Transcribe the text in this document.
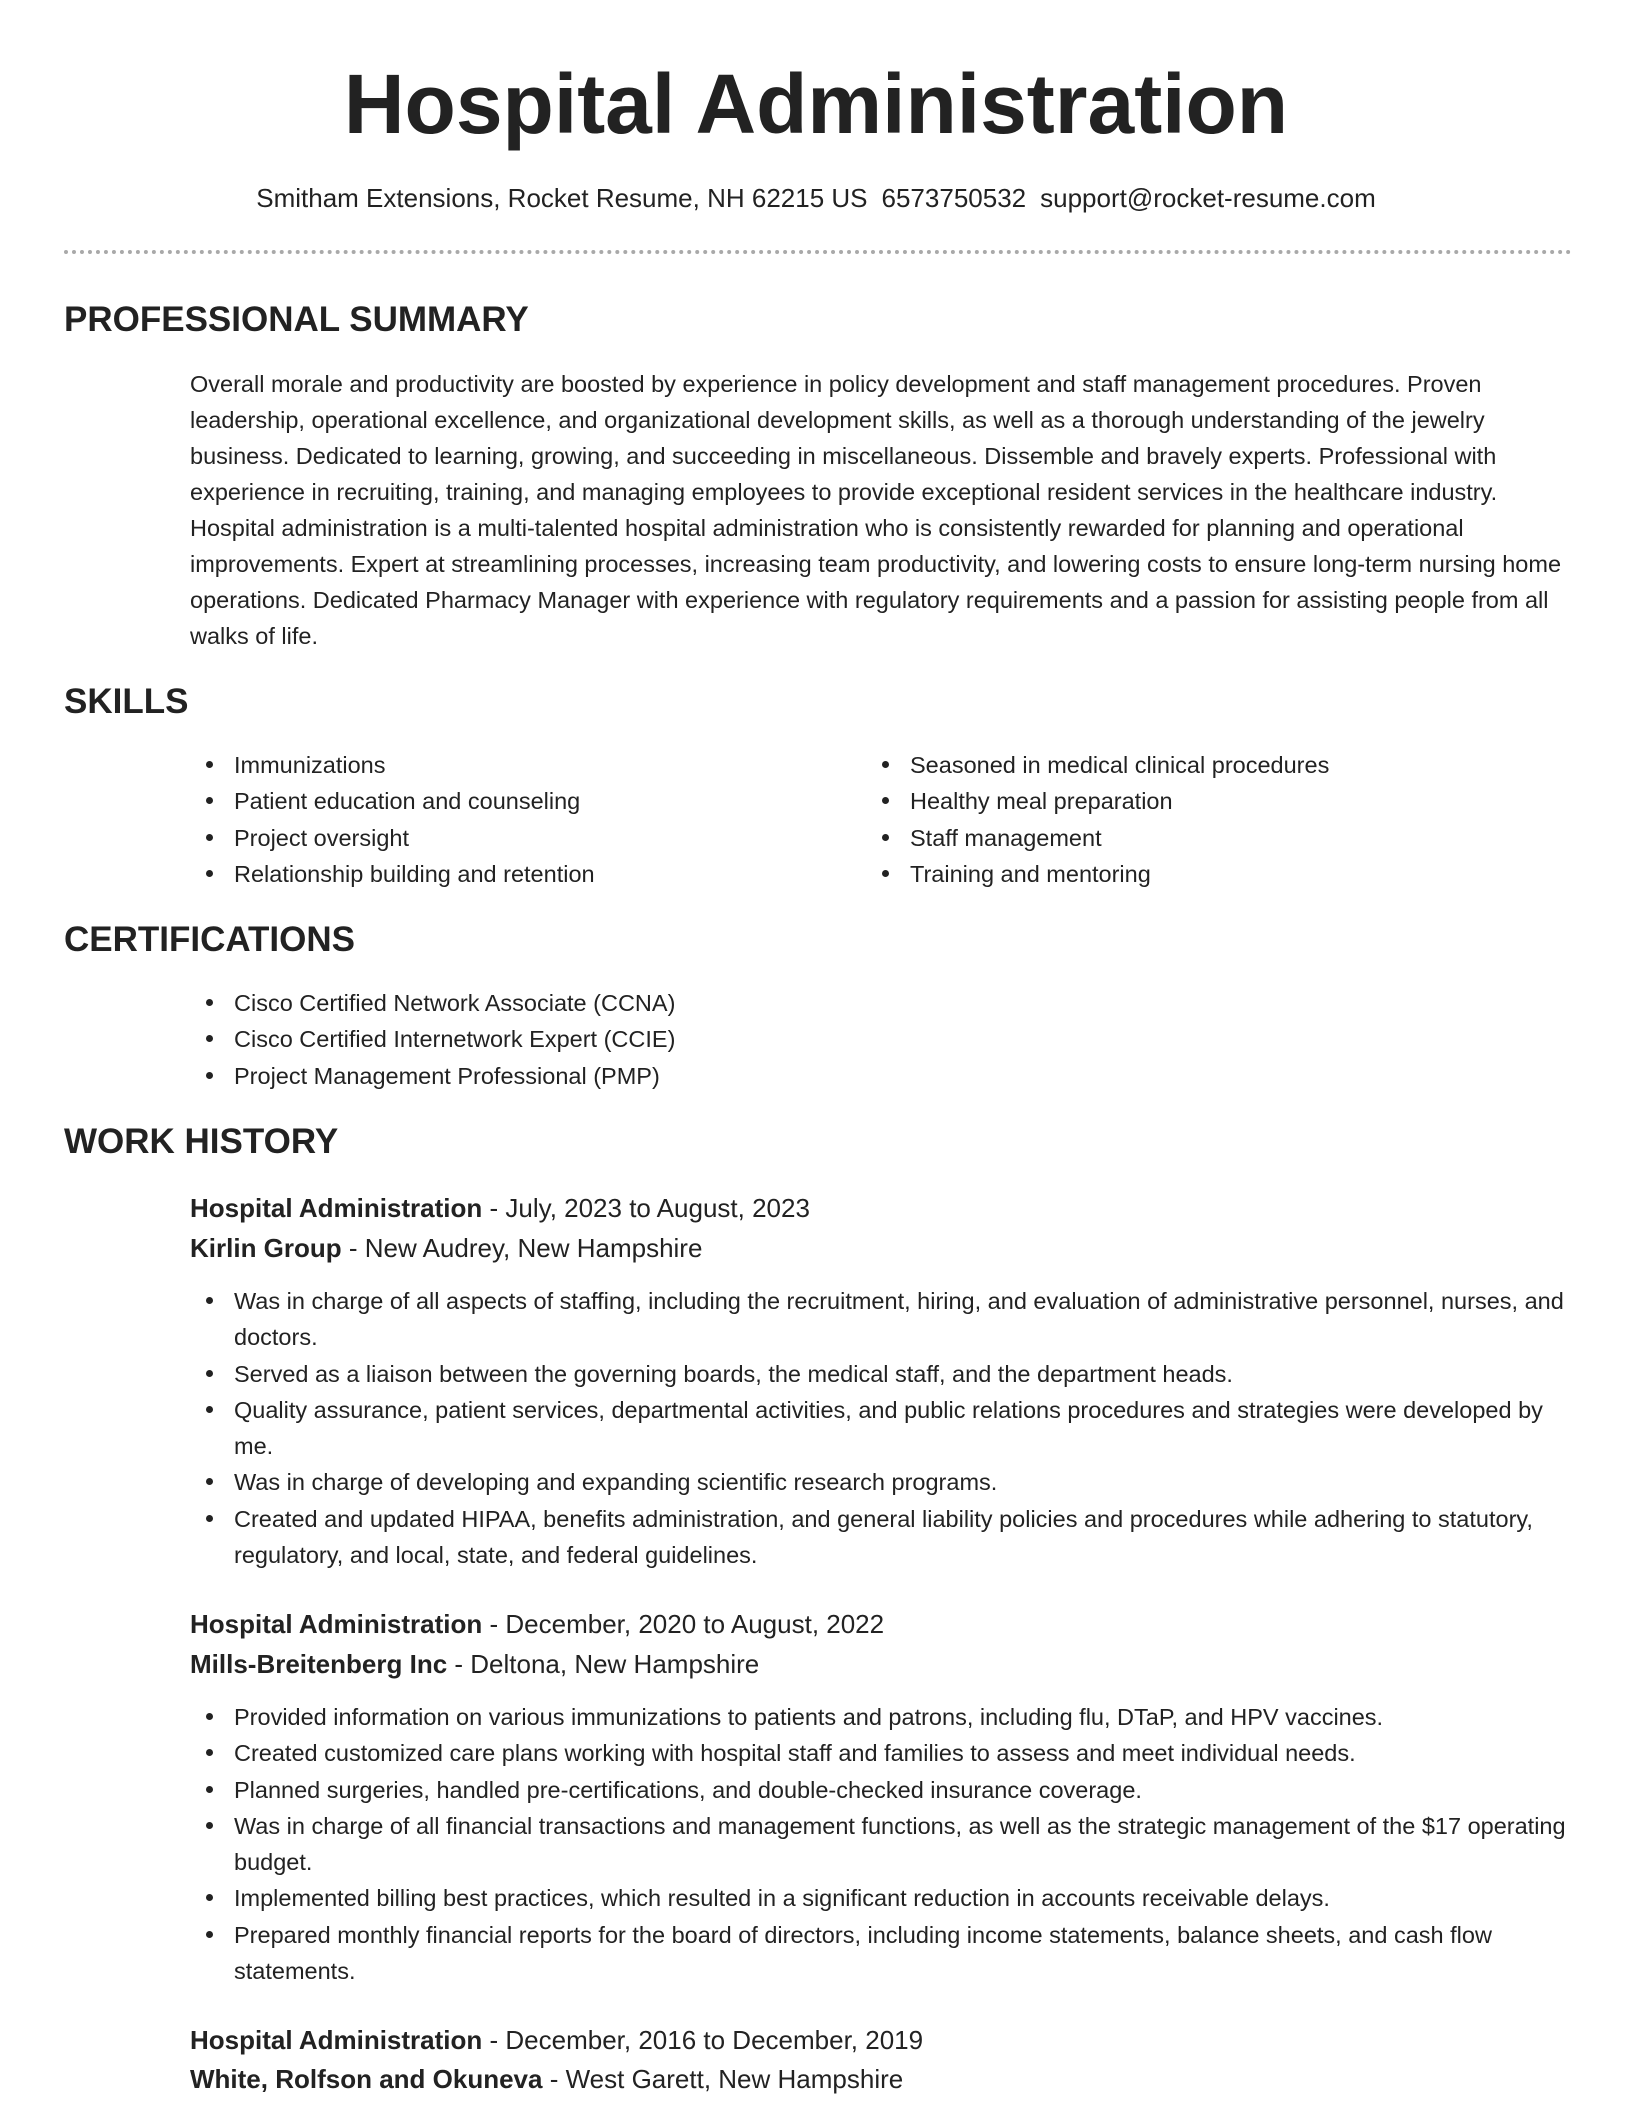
Hospital Administration
Smitham Extensions, Rocket Resume, NH 62215 US 6573750532 support@rocket-resume.com
PROFESSIONAL SUMMARY

Overall morale and productivity are boosted by experience in policy development and staff management procedures. Proven leadership, operational excellence, and organizational development skills, as well as a thorough understanding of the jewelry business. Dedicated to learning, growing, and succeeding in miscellaneous. Dissemble and bravely experts. Professional with experience in recruiting, training, and managing employees to provide exceptional resident services in the healthcare industry. Hospital administration is a multi-talented hospital administration who is consistently rewarded for planning and operational improvements. Expert at streamlining processes, increasing team productivity, and lowering costs to ensure long-term nursing home operations. Dedicated Pharmacy Manager with experience with regulatory requirements and a passion for assisting people from all walks of life.

SKILLS
Immunizations
Patient education and counseling
Project oversight
Relationship building and retention
Seasoned in medical clinical procedures
Healthy meal preparation
Staff management
Training and mentoring
CERTIFICATIONS
Cisco Certified Network Associate (CCNA)
Cisco Certified Internetwork Expert (CCIE)
Project Management Professional (PMP)
WORK HISTORY

Hospital Administration - July, 2023 to August, 2023

Kirlin Group - New Audrey, New Hampshire

Was in charge of all aspects of staffing, including the recruitment, hiring, and evaluation of administrative personnel, nurses, and doctors.
Served as a liaison between the governing boards, the medical staff, and the department heads.
Quality assurance, patient services, departmental activities, and public relations procedures and strategies were developed by me.
Was in charge of developing and expanding scientific research programs.
Created and updated HIPAA, benefits administration, and general liability policies and procedures while adhering to statutory, regulatory, and local, state, and federal guidelines.

Hospital Administration - December, 2020 to August, 2022

Mills-Breitenberg Inc - Deltona, New Hampshire

Provided information on various immunizations to patients and patrons, including flu, DTaP, and HPV vaccines.
Created customized care plans working with hospital staff and families to assess and meet individual needs.
Planned surgeries, handled pre-certifications, and double-checked insurance coverage.
Was in charge of all financial transactions and management functions, as well as the strategic management of the $17 operating budget.
Implemented billing best practices, which resulted in a significant reduction in accounts receivable delays.
Prepared monthly financial reports for the board of directors, including income statements, balance sheets, and cash flow statements.

Hospital Administration - December, 2016 to December, 2019

White, Rolfson and Okuneva - West Garett, New Hampshire
